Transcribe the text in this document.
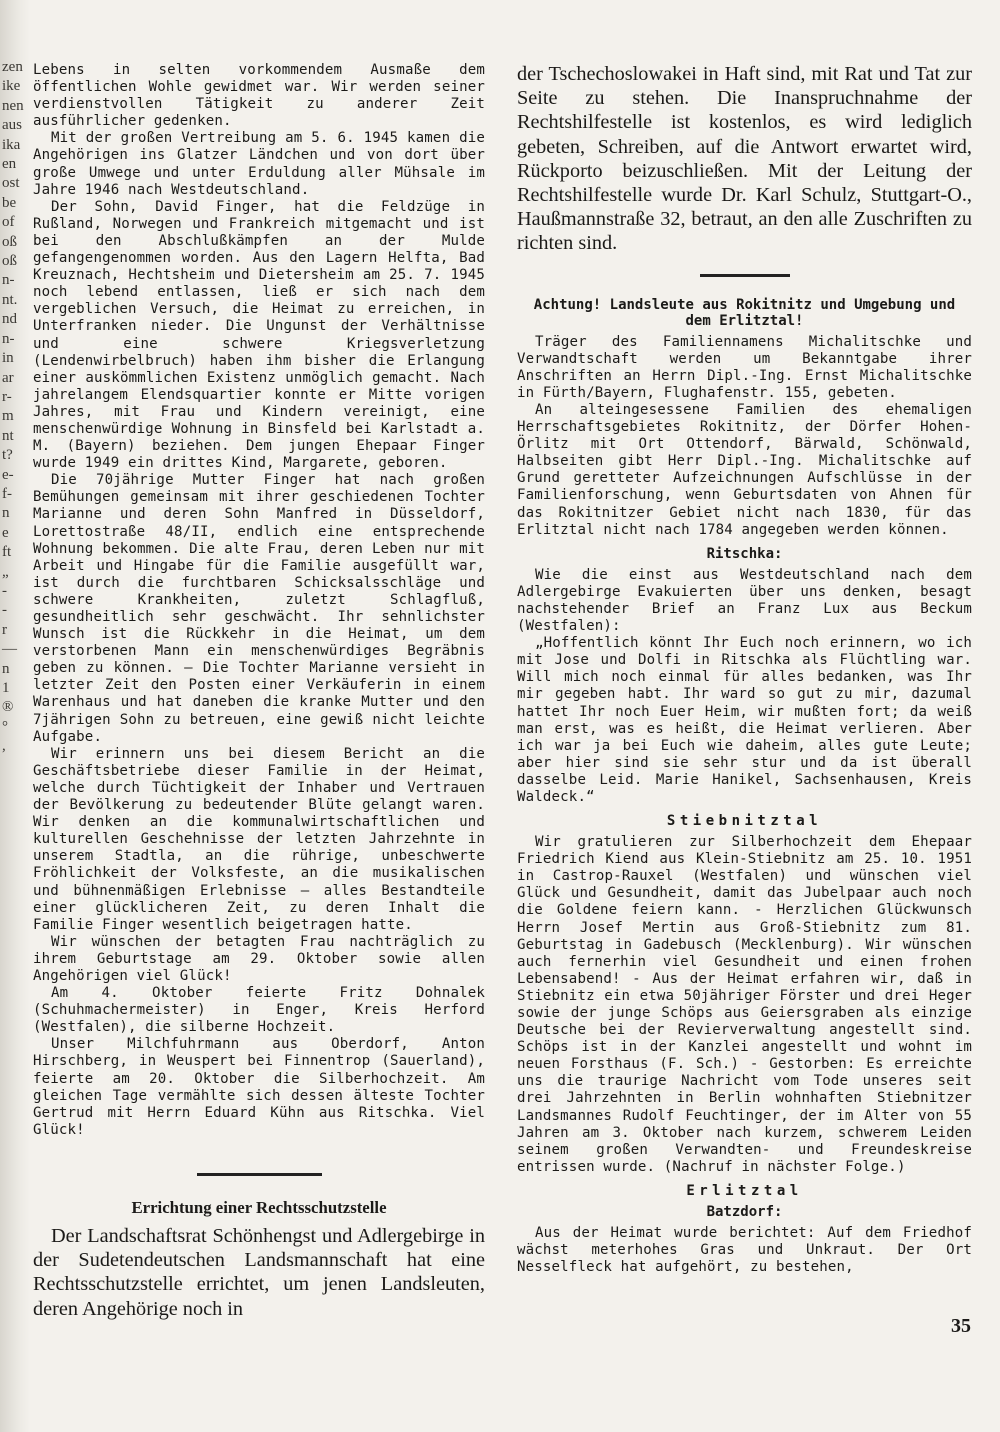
zen
ike
nen
aus
ika
en
ost
be
of
oß
oß
n-
nt.
nd
n-
in
ar
r-
m
nt
t?
e-
f-
n
e
ft
„
-
-
r
—
n
1
®
°
,

Lebens in selten vorkommendem Ausmaße dem öffentlichen Wohle gewidmet war. Wir werden seiner verdienstvollen Tätigkeit zu anderer Zeit ausführlicher gedenken.

Mit der großen Vertreibung am 5. 6. 1945 kamen die Angehörigen ins Glatzer Ländchen und von dort über große Umwege und unter Erduldung aller Mühsale im Jahre 1946 nach Westdeutschland.

Der Sohn, David Finger, hat die Feldzüge in Rußland, Norwegen und Frankreich mitgemacht und ist bei den Abschlußkämpfen an der Mulde gefangengenommen worden. Aus den Lagern Helfta, Bad Kreuznach, Hechtsheim und Dietersheim am 25. 7. 1945 noch lebend entlassen, ließ er sich nach dem vergeblichen Versuch, die Heimat zu erreichen, in Unterfranken nieder. Die Ungunst der Verhältnisse und eine schwere Kriegsverletzung (Lendenwirbelbruch) haben ihm bisher die Erlangung einer auskömmlichen Existenz unmöglich gemacht. Nach jahrelangem Elendsquartier konnte er Mitte vorigen Jahres, mit Frau und Kindern vereinigt, eine menschenwürdige Wohnung in Binsfeld bei Karlstadt a. M. (Bayern) beziehen. Dem jungen Ehepaar Finger wurde 1949 ein drittes Kind, Margarete, geboren.

Die 70jährige Mutter Finger hat nach großen Bemühungen gemeinsam mit ihrer geschiedenen Tochter Marianne und deren Sohn Manfred in Düsseldorf, Lorettostraße 48/II, endlich eine entsprechende Wohnung bekommen. Die alte Frau, deren Leben nur mit Arbeit und Hingabe für die Familie ausgefüllt war, ist durch die furchtbaren Schicksalsschläge und schwere Krankheiten, zuletzt Schlagfluß, gesundheitlich sehr geschwächt. Ihr sehnlichster Wunsch ist die Rückkehr in die Heimat, um dem verstorbenen Mann ein menschenwürdiges Begräbnis geben zu können. — Die Tochter Marianne versieht in letzter Zeit den Posten einer Verkäuferin in einem Warenhaus und hat daneben die kranke Mutter und den 7jährigen Sohn zu betreuen, eine gewiß nicht leichte Aufgabe.

Wir erinnern uns bei diesem Bericht an die Geschäftsbetriebe dieser Familie in der Heimat, welche durch Tüchtigkeit der Inhaber und Vertrauen der Bevölkerung zu bedeutender Blüte gelangt waren. Wir denken an die kommunalwirtschaftlichen und kulturellen Geschehnisse der letzten Jahrzehnte in unserem Stadtla, an die rührige, unbeschwerte Fröhlichkeit der Volksfeste, an die musikalischen und bühnenmäßigen Erlebnisse — alles Bestandteile einer glücklicheren Zeit, zu deren Inhalt die Familie Finger wesentlich beigetragen hatte.

Wir wünschen der betagten Frau nachträglich zu ihrem Geburtstage am 29. Oktober sowie allen Angehörigen viel Glück!

Am 4. Oktober feierte Fritz Dohnalek (Schuhmachermeister) in Enger, Kreis Herford (Westfalen), die silberne Hochzeit.

Unser Milchfuhrmann aus Oberdorf, Anton Hirschberg, in Weuspert bei Finnentrop (Sauerland), feierte am 20. Oktober die Silberhochzeit. Am gleichen Tage vermählte sich dessen älteste Tochter Gertrud mit Herrn Eduard Kühn aus Ritschka. Viel Glück!

Errichtung einer Rechtsschutzstelle

Der Landschaftsrat Schönhengst und Adlergebirge in der Sudetendeutschen Landsmannschaft hat eine Rechtsschutzstelle errichtet, um jenen Landsleuten, deren Angehörige noch in

der Tschechoslowakei in Haft sind, mit Rat und Tat zur Seite zu stehen. Die Inanspruchnahme der Rechtshilfestelle ist kostenlos, es wird lediglich gebeten, Schreiben, auf die Antwort erwartet wird, Rückporto beizuschließen. Mit der Leitung der Rechtshilfestelle wurde Dr. Karl Schulz, Stuttgart-O., Haußmannstraße 32, betraut, an den alle Zuschriften zu richten sind.

Achtung! Landsleute aus Rokitnitz und Umgebung und dem Erlitztal!

Träger des Familiennamens Michalitschke und Verwandtschaft werden um Bekanntgabe ihrer Anschriften an Herrn Dipl.-Ing. Ernst Michalitschke in Fürth/Bayern, Flughafenstr. 155, gebeten.

An alteingesessene Familien des ehemaligen Herrschaftsgebietes Rokitnitz, der Dörfer Hohen-Örlitz mit Ort Ottendorf, Bärwald, Schönwald, Halbseiten gibt Herr Dipl.-Ing. Michalitschke auf Grund geretteter Aufzeichnungen Aufschlüsse in der Familienforschung, wenn Geburtsdaten von Ahnen für das Rokitnitzer Gebiet nicht nach 1830, für das Erlitztal nicht nach 1784 angegeben werden können.

Ritschka:

Wie die einst aus Westdeutschland nach dem Adlergebirge Evakuierten über uns denken, besagt nachstehender Brief an Franz Lux aus Beckum (Westfalen):

„Hoffentlich könnt Ihr Euch noch erinnern, wo ich mit Jose und Dolfi in Ritschka als Flüchtling war. Will mich noch einmal für alles bedanken, was Ihr mir gegeben habt. Ihr ward so gut zu mir, dazumal hattet Ihr noch Euer Heim, wir mußten fort; da weiß man erst, was es heißt, die Heimat verlieren. Aber ich war ja bei Euch wie daheim, alles gute Leute; aber hier sind sie sehr stur und da ist überall dasselbe Leid. Marie Hanikel, Sachsenhausen, Kreis Waldeck.“

Stiebnitztal

Wir gratulieren zur Silberhochzeit dem Ehepaar Friedrich Kiend aus Klein-Stiebnitz am 25. 10. 1951 in Castrop-Rauxel (Westfalen) und wünschen viel Glück und Gesundheit, damit das Jubelpaar auch noch die Goldene feiern kann. - Herzlichen Glückwunsch Herrn Josef Mertin aus Groß-Stiebnitz zum 81. Geburtstag in Gadebusch (Mecklenburg). Wir wünschen auch fernerhin viel Gesundheit und einen frohen Lebensabend! - Aus der Heimat erfahren wir, daß in Stiebnitz ein etwa 50jähriger Förster und drei Heger sowie der junge Schöps aus Geiersgraben als einzige Deutsche bei der Revierverwaltung angestellt sind. Schöps ist in der Kanzlei angestellt und wohnt im neuen Forsthaus (F. Sch.) - Gestorben: Es erreichte uns die traurige Nachricht vom Tode unseres seit drei Jahrzehnten in Berlin wohnhaften Stiebnitzer Landsmannes Rudolf Feuchtinger, der im Alter von 55 Jahren am 3. Oktober nach kurzem, schwerem Leiden seinem großen Verwandten- und Freundeskreise entrissen wurde. (Nachruf in nächster Folge.)

Erlitztal
Batzdorf:

Aus der Heimat wurde berichtet: Auf dem Friedhof wächst meterhohes Gras und Unkraut. Der Ort Nesselfleck hat aufgehört, zu bestehen,

35
